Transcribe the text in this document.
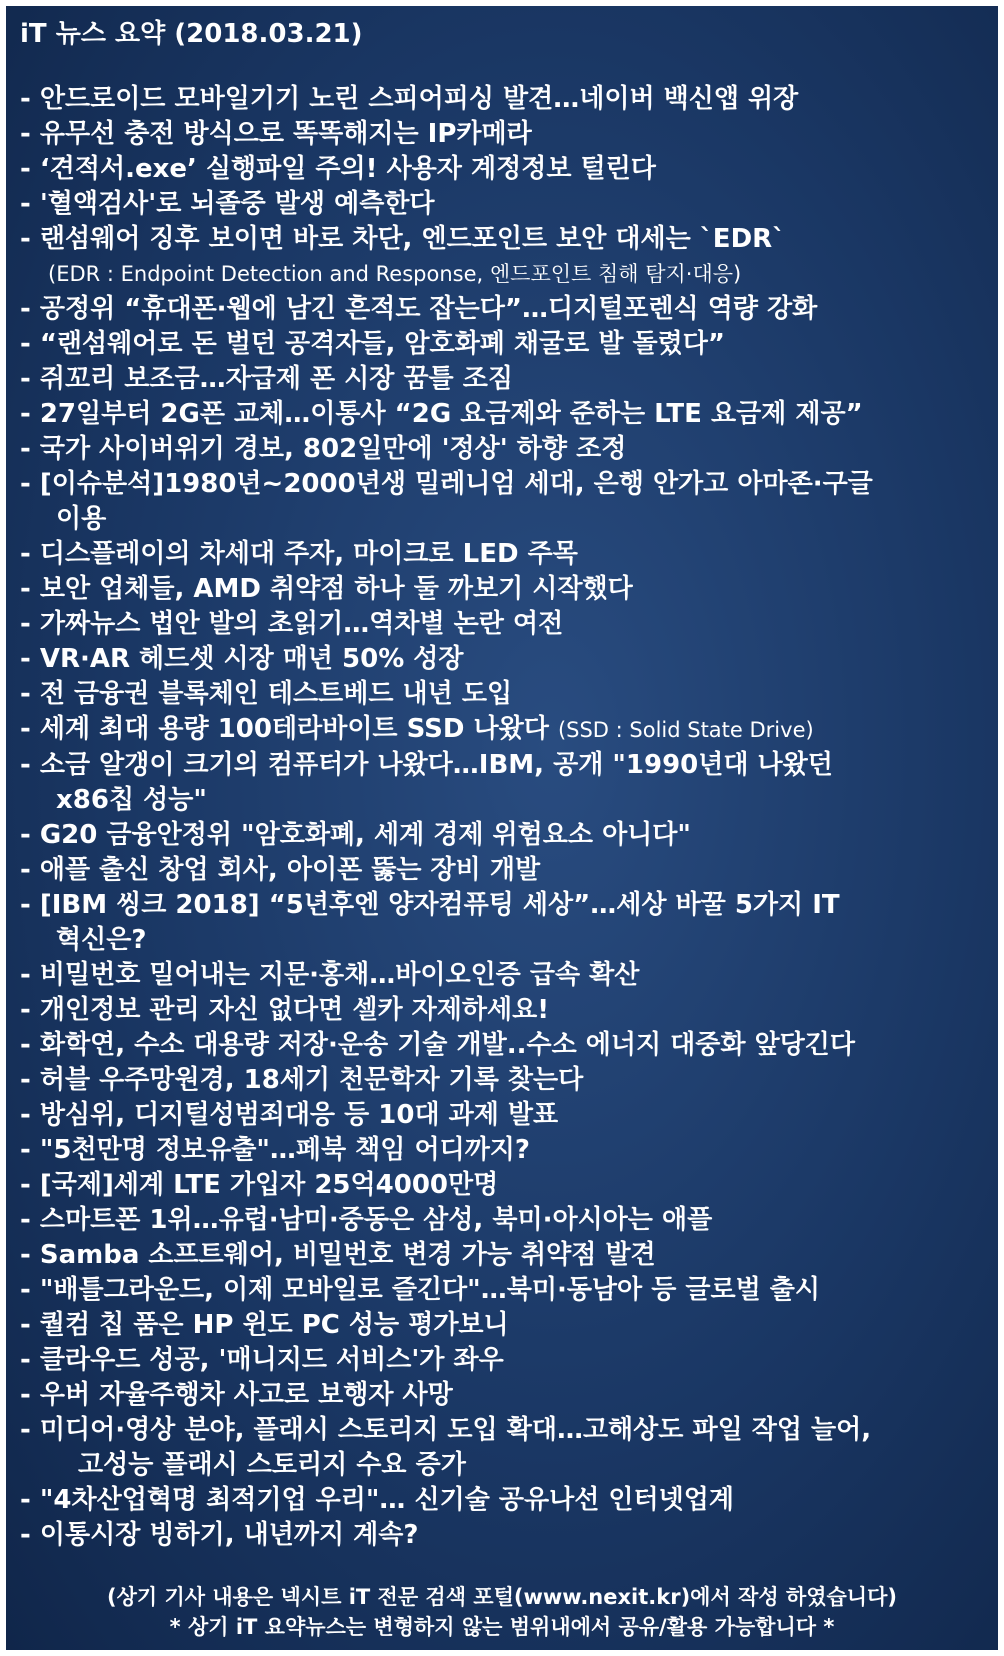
iT 뉴스 요약 (2018.03.21)
- 안드로이드 모바일기기 노린 스피어피싱 발견…네이버 백신앱 위장
- 유무선 충전 방식으로 똑똑해지는 IP카메라
- ‘견적서.exe’ 실행파일 주의! 사용자 계정정보 털린다
- '혈액검사'로 뇌졸중 발생 예측한다
- 랜섬웨어 징후 보이면 바로 차단, 엔드포인트 보안 대세는 `EDR`
(EDR : Endpoint Detection and Response, 엔드포인트 침해 탐지·대응)
- 공정위 “휴대폰·웹에 남긴 흔적도 잡는다”…디지털포렌식 역량 강화
- “랜섬웨어로 돈 벌던 공격자들, 암호화폐 채굴로 발 돌렸다”
- 쥐꼬리 보조금…자급제 폰 시장 꿈틀 조짐
- 27일부터 2G폰 교체…이통사 “2G 요금제와 준하는 LTE 요금제 제공”
- 국가 사이버위기 경보, 802일만에 '정상' 하향 조정
- [이슈분석]1980년~2000년생 밀레니엄 세대, 은행 안가고 아마존·구글
이용
- 디스플레이의 차세대 주자, 마이크로 LED 주목
- 보안 업체들, AMD 취약점 하나 둘 까보기 시작했다
- 가짜뉴스 법안 발의 초읽기…역차별 논란 여전
- VR·AR 헤드셋 시장 매년 50% 성장
- 전 금융권 블록체인 테스트베드 내년 도입
- 세계 최대 용량 100테라바이트 SSD 나왔다 (SSD : Solid State Drive)
- 소금 알갱이 크기의 컴퓨터가 나왔다…IBM, 공개 "1990년대 나왔던
x86칩 성능"
- G20 금융안정위 "암호화폐, 세계 경제 위험요소 아니다"
- 애플 출신 창업 회사, 아이폰 뚫는 장비 개발
- [IBM 씽크 2018] “5년후엔 양자컴퓨팅 세상”…세상 바꿀 5가지 IT
혁신은?
- 비밀번호 밀어내는 지문·홍채…바이오인증 급속 확산
- 개인정보 관리 자신 없다면 셀카 자제하세요!
- 화학연, 수소 대용량 저장·운송 기술 개발..수소 에너지 대중화 앞당긴다
- 허블 우주망원경, 18세기 천문학자 기록 찾는다
- 방심위, 디지털성범죄대응 등 10대 과제 발표
- "5천만명 정보유출"…페북 책임 어디까지?
- [국제]세계 LTE 가입자 25억4000만명
- 스마트폰 1위…유럽·남미·중동은 삼성, 북미·아시아는 애플
- Samba 소프트웨어, 비밀번호 변경 가능 취약점 발견
- "배틀그라운드, 이제 모바일로 즐긴다"…북미·동남아 등 글로벌 출시
- 퀄컴 칩 품은 HP 윈도 PC 성능 평가보니
- 클라우드 성공, '매니지드 서비스'가 좌우
- 우버 자율주행차 사고로 보행자 사망
- 미디어·영상 분야, 플래시 스토리지 도입 확대…고해상도 파일 작업 늘어,
고성능 플래시 스토리지 수요 증가
- "4차산업혁명 최적기업 우리"… 신기술 공유나선 인터넷업계
- 이통시장 빙하기, 내년까지 계속?
(상기 기사 내용은 넥시트 iT 전문 검색 포털(www.nexit.kr)에서 작성 하였습니다)
* 상기 iT 요약뉴스는 변형하지 않는 범위내에서 공유/활용 가능합니다 *
